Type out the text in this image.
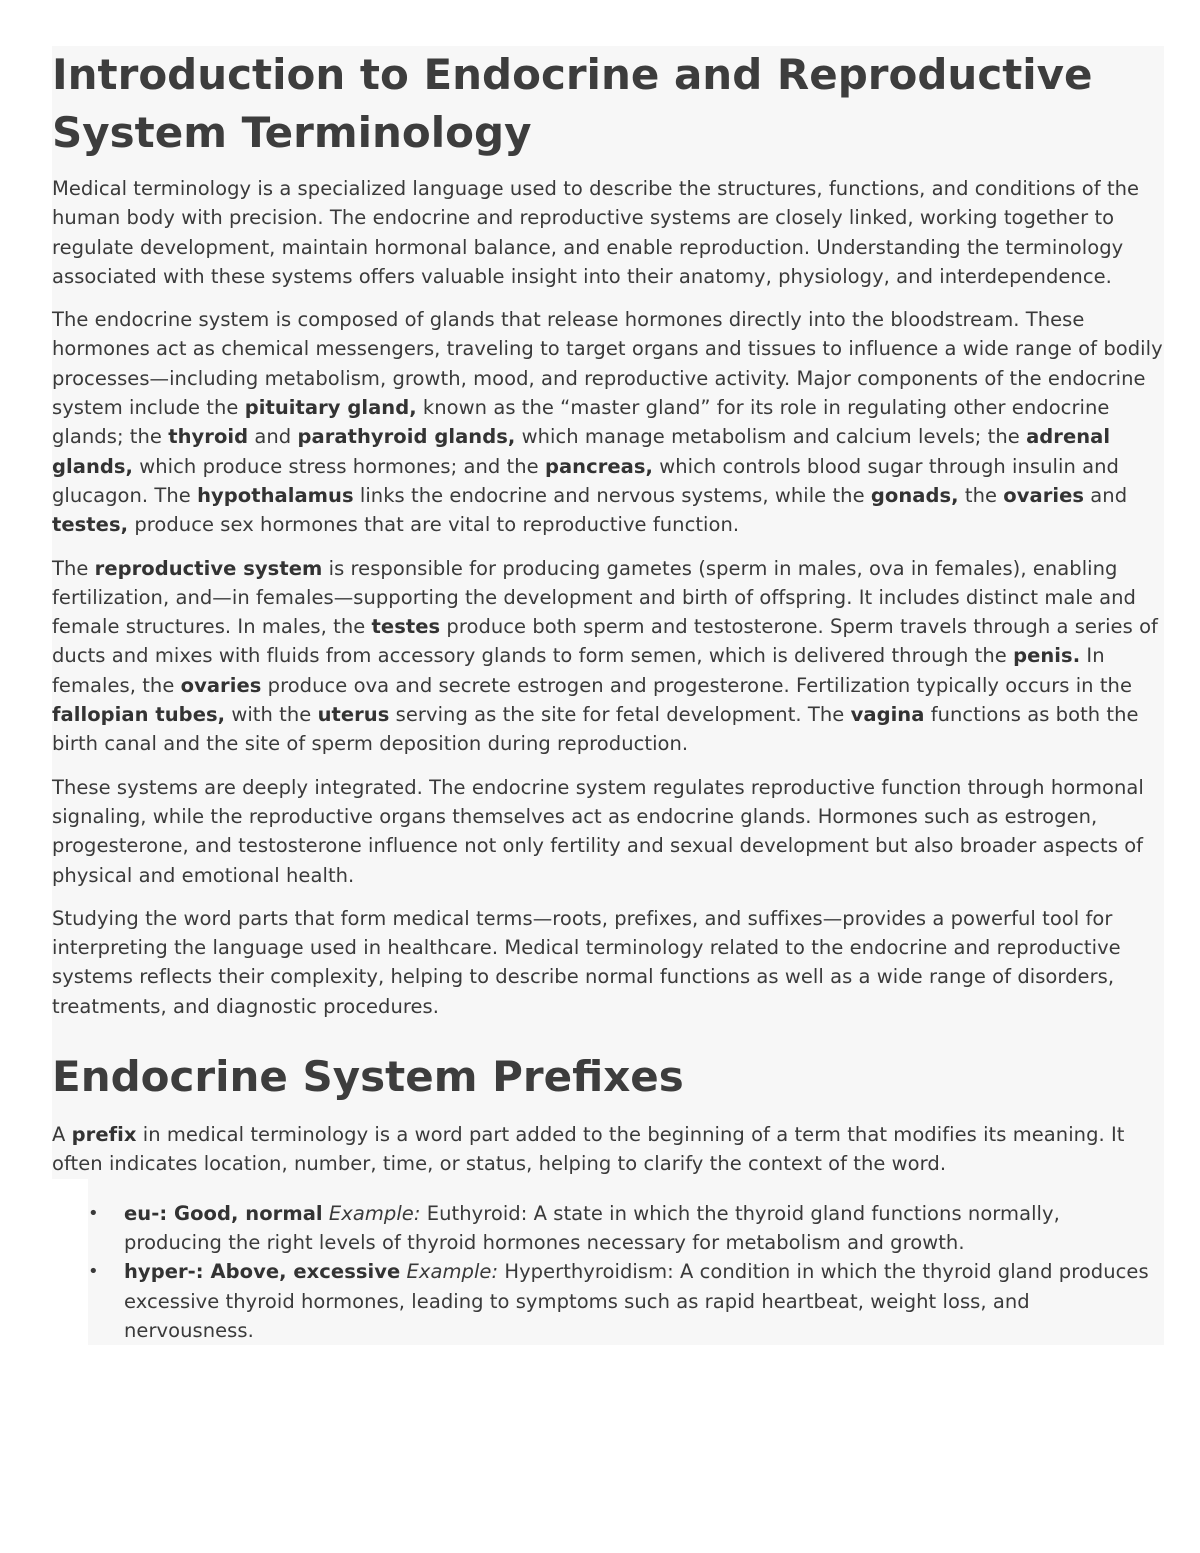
Introduction to Endocrine and Reproductive System Terminology

Medical terminology is a specialized language used to describe the structures, functions, and conditions of the human body with precision. The endocrine and reproductive systems are closely linked, working together to regulate development, maintain hormonal balance, and enable reproduction. Understanding the terminology associated with these systems offers valuable insight into their anatomy, physiology, and interdependence.

The endocrine system is composed of glands that release hormones directly into the bloodstream. These hormones act as chemical messengers, traveling to target organs and tissues to influence a wide range of bodily processes—including metabolism, growth, mood, and reproductive activity. Major components of the endocrine system include the pituitary gland, known as the “master gland” for its role in regulating other endocrine glands; the thyroid and parathyroid glands, which manage metabolism and calcium levels; the adrenal glands, which produce stress hormones; and the pancreas, which controls blood sugar through insulin and glucagon. The hypothalamus links the endocrine and nervous systems, while the gonads, the ovaries and testes, produce sex hormones that are vital to reproductive function.

The reproductive system is responsible for producing gametes (sperm in males, ova in females), enabling fertilization, and—in females—supporting the development and birth of offspring. It includes distinct male and female structures. In males, the testes produce both sperm and testosterone. Sperm travels through a series of ducts and mixes with fluids from accessory glands to form semen, which is delivered through the penis. In females, the ovaries produce ova and secrete estrogen and progesterone. Fertilization typically occurs in the fallopian tubes, with the uterus serving as the site for fetal development. The vagina functions as both the birth canal and the site of sperm deposition during reproduction.

These systems are deeply integrated. The endocrine system regulates reproductive function through hormonal signaling, while the reproductive organs themselves act as endocrine glands. Hormones such as estrogen, progesterone, and testosterone influence not only fertility and sexual development but also broader aspects of physical and emotional health.

Studying the word parts that form medical terms—roots, prefixes, and suffixes—provides a powerful tool for interpreting the language used in healthcare. Medical terminology related to the endocrine and reproductive systems reflects their complexity, helping to describe normal functions as well as a wide range of disorders, treatments, and diagnostic procedures.

Endocrine System Prefixes

A prefix in medical terminology is a word part added to the beginning of a term that modifies its meaning. It often indicates location, number, time, or status, helping to clarify the context of the word.

• eu-: Good, normal Example: Euthyroid: A state in which the thyroid gland functions normally, producing the right levels of thyroid hormones necessary for metabolism and growth.
• hyper-: Above, excessive Example: Hyperthyroidism: A condition in which the thyroid gland produces excessive thyroid hormones, leading to symptoms such as rapid heartbeat, weight loss, and nervousness.
